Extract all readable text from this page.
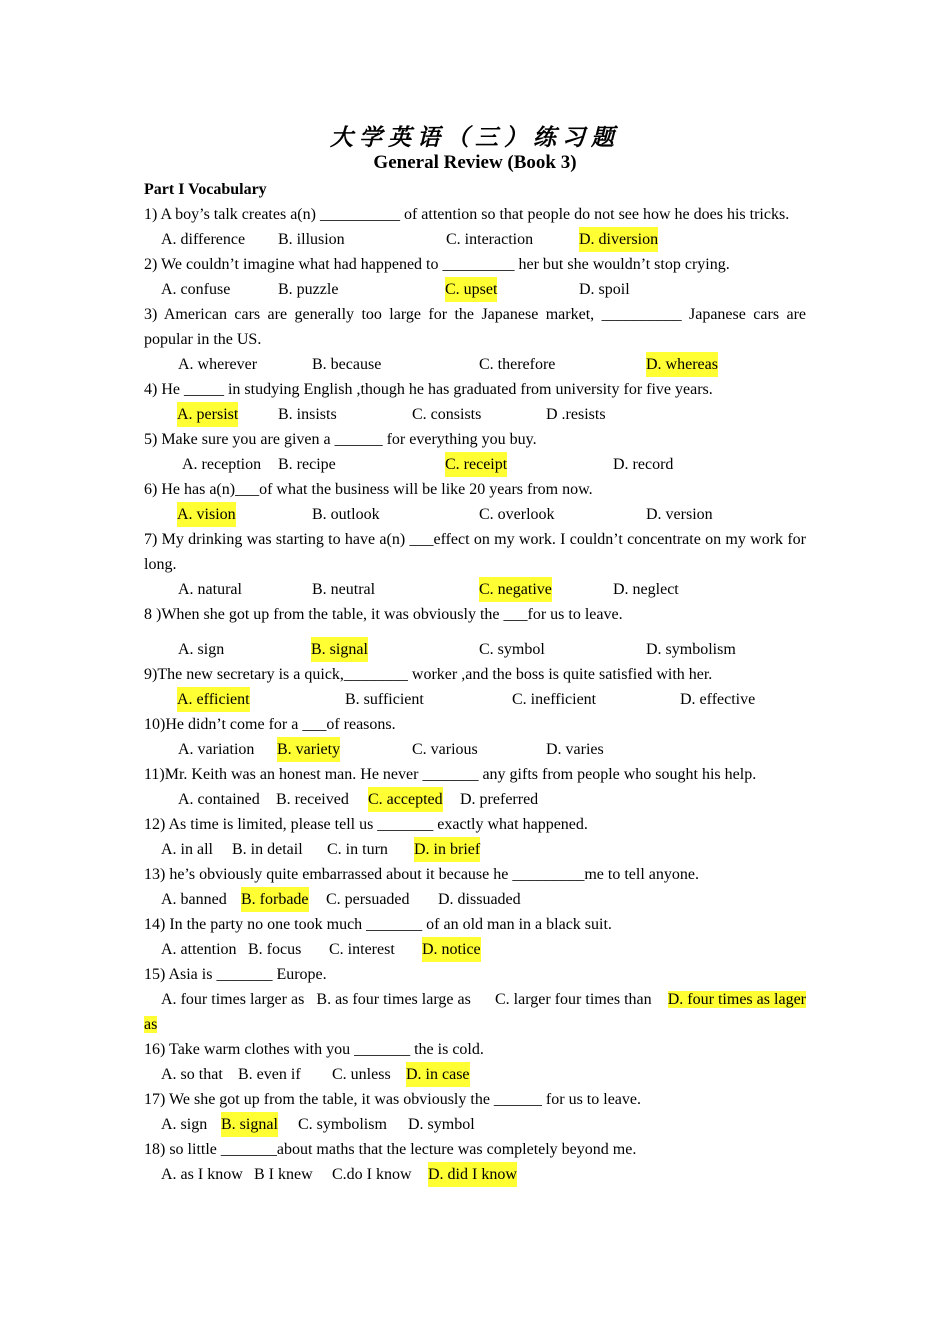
大学英语（三）练习题
General Review (Book 3)
Part I Vocabulary
1) A boy’s talk creates a(n) __________ of attention so that people do not see how he does his tricks.
A. difference B. illusion	C. interaction	D. diversion
2) We couldn’t imagine what had happened to _________ her but she wouldn’t stop crying.
A. confuse	B. puzzle	C. upset	D. spoil
3) American cars are generally too large for the Japanese market, __________ Japanese cars are popular in the US.
A. wherever	B. because	C. therefore	D. whereas
4) He _____ in studying English ,though he has graduated from university for five years.
A. persist B. insists	C. consists	D .resists
5) Make sure you are given a ______ for everything you buy.
A. reception B. recipe	C. receipt	D. record
6) He has a(n)___of what the business will be like 20 years from now.
A. vision	B. outlook	C. overlook	D. version
7) My drinking was starting to have a(n) ___effect on my work. I couldn’t concentrate on my work for long.
A. natural	B. neutral	C. negative	D. neglect
8 )When she got up from the table, it was obviously the ___for us to leave.
A. sign	B. signal	C. symbol	D. symbolism
9)The new secretary is a quick,________ worker ,and the boss is quite satisfied with her.
A. efficient	B. sufficient	C. inefficient	D. effective
10)He didn’t come for a ___of reasons.
A. variation B. variety	C. various	D. varies
11)Mr. Keith was an honest man. He never _______ any gifts from people who sought his help.
A. contained B. received C. accepted D. preferred
12) As time is limited, please tell us _______ exactly what happened.
A. in all B. in detail C. in turn D. in brief
13) he’s obviously quite embarrassed about it because he _________me to tell anyone.
A. banned B. forbade C. persuaded D. dissuaded
14) In the party no one took much _______ of an old man in a black suit.
A. attention B. focus C. interest D. notice
15) Asia is _______ Europe.
A. four times larger as B. as four times large as C. larger four times than D. four times as lager as
16) Take warm clothes with you _______ the is cold.
A. so that B. even if C. unless D. in case
17) We she got up from the table, it was obviously the ______ for us to leave.
A. sign B. signal C. symbolism D. symbol
18) so little _______about maths that the lecture was completely beyond me.
A. as I know B I knew C.do I know D. did I know
